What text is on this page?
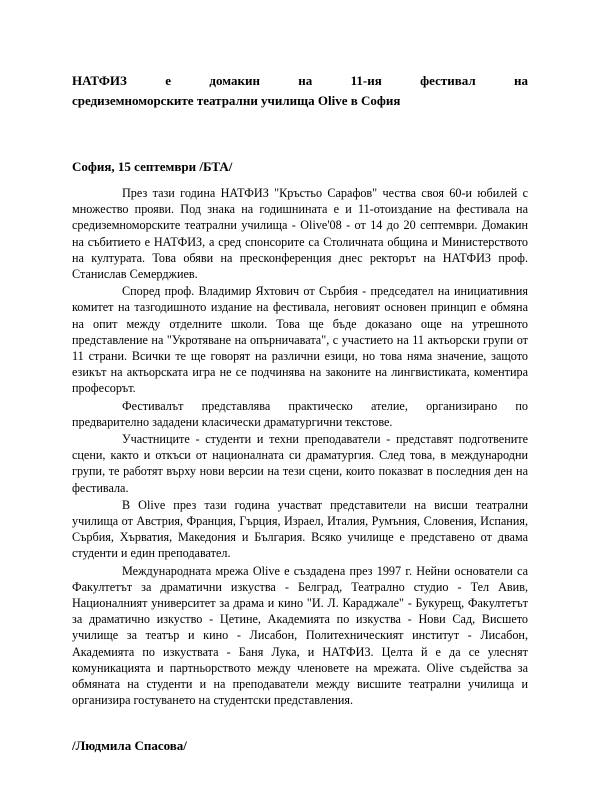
НАТФИЗ е домакин на 11-ия фестивал на
средиземноморските театрални училища Olive в София

София, 15 септември /БТА/

През тази година НАТФИЗ "Кръстьо Сарафов" чества своя 60-и юбилей с множество прояви. Под знака на годишнината е и 11-отоиздание на фестивала на средиземноморските театрални училища - Olive'08 - от 14 до 20 септември. Домакин на събитието е НАТФИЗ, а сред спонсорите са Столичната община и Министерството на културата. Това обяви на пресконференция днес ректорът на НАТФИЗ проф. Станислав Семерджиев.

Според проф. Владимир Яхтович от Сърбия - председател на инициативния комитет на тазгодишното издание на фестивала, неговият основен принцип е обмяна на опит между отделните школи. Това ще бъде доказано още на утрешното представление на "Укротяване на опърничавата", с участието на 11 актьорски групи от 11 страни. Всички те ще говорят на различни езици, но това няма значение, защото езикът на актьорската игра не се подчинява на законите на лингвистиката, коментира професорът.

Фестивалът представлява практическо ателие, организирано по предварително зададени класически драматургични текстове.

Участниците - студенти и техни преподаватели - представят подготвените сцени, както и откъси от националната си драматургия. След това, в международни групи, те работят върху нови версии на тези сцени, които показват в последния ден на фестивала.

В Olive през тази година участват представители на висши театрални училища от Австрия, Франция, Гърция, Израел, Италия, Румъния, Словения, Испания, Сърбия, Хърватия, Македония и България. Всяко училище е представено от двама студенти и един преподавател.

Международната мрежа Olive е създадена през 1997 г. Нейни основатели са Факултетът за драматични изкуства - Белград, Театрално студио - Тел Авив, Националният университет за драма и кино "И. Л. Караджале" - Букурещ, Факултетът за драматично изкуство - Цетине, Академията по изкуства - Нови Сад, Висшето училище за театър и кино - Лисабон, Политехническият институт - Лисабон, Академията по изкуствата - Баня Лука, и НАТФИЗ. Целта й е да се улеснят комуникацията и партньорството между членовете на мрежата. Olive съдейства за обмяната на студенти и на преподаватели между висшите театрални училища и организира гостуването на студентски представления.

/Людмила Спасова/
